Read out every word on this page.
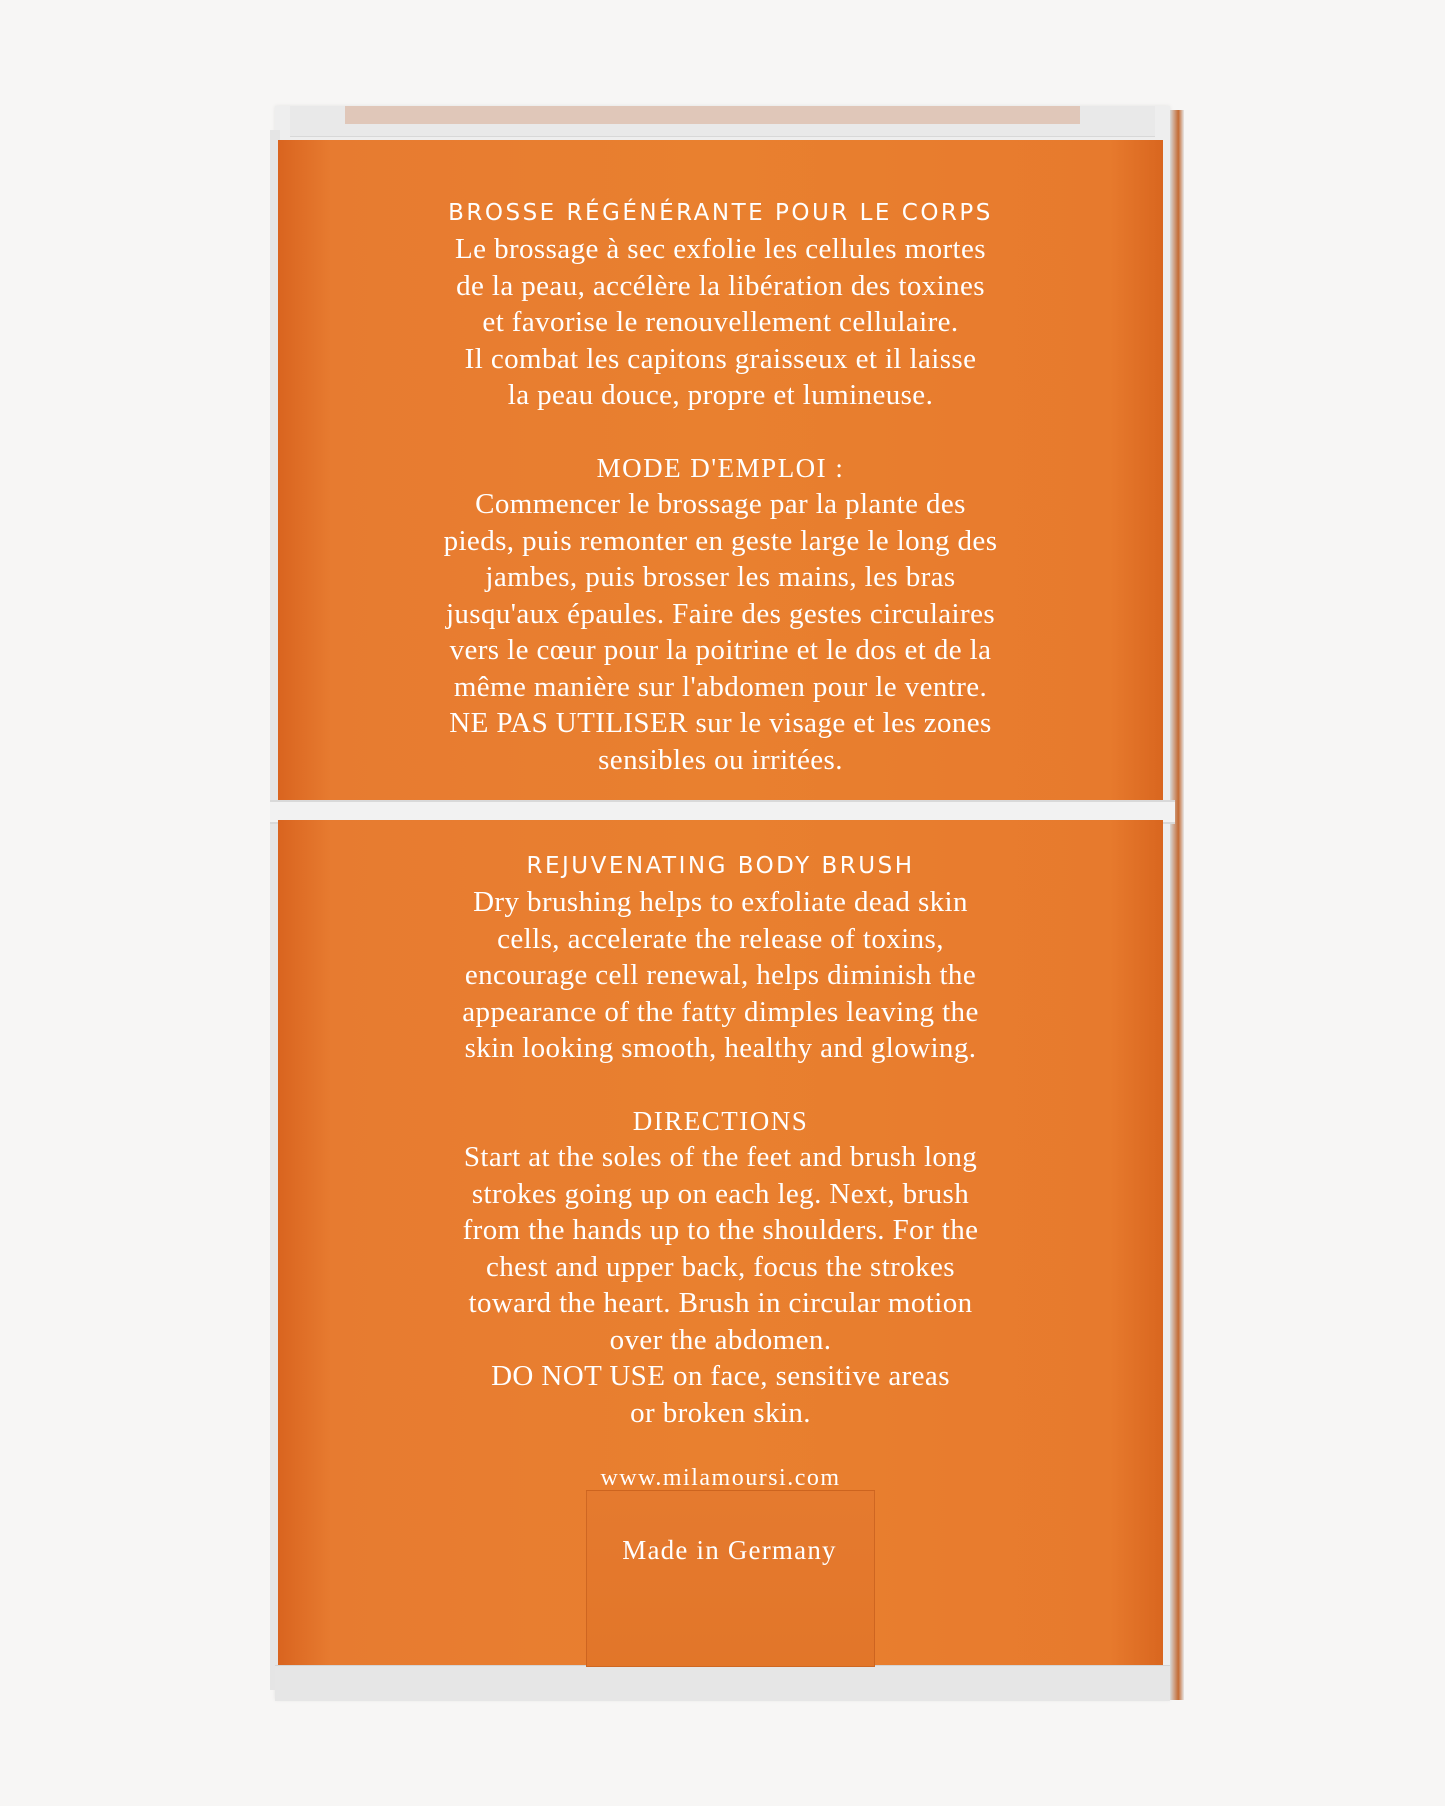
BROSSE RÉGÉNÉRANTE POUR LE CORPS
Le brossage à sec exfolie les cellules mortes
de la peau, accélère la libération des toxines
et favorise le renouvellement cellulaire.
Il combat les capitons graisseux et il laisse
la peau douce, propre et lumineuse.
MODE D'EMPLOI :
Commencer le brossage par la plante des
pieds, puis remonter en geste large le long des
jambes, puis brosser les mains, les bras
jusqu'aux épaules. Faire des gestes circulaires
vers le cœur pour la poitrine et le dos et de la
même manière sur l'abdomen pour le ventre.
NE PAS UTILISER sur le visage et les zones
sensibles ou irritées.
REJUVENATING BODY BRUSH
Dry brushing helps to exfoliate dead skin
cells, accelerate the release of toxins,
encourage cell renewal, helps diminish the
appearance of the fatty dimples leaving the
skin looking smooth, healthy and glowing.
DIRECTIONS
Start at the soles of the feet and brush long
strokes going up on each leg. Next, brush
from the hands up to the shoulders. For the
chest and upper back, focus the strokes
toward the heart. Brush in circular motion
over the abdomen.
DO NOT USE on face, sensitive areas
or broken skin.
www.milamoursi.com
Made in Germany
